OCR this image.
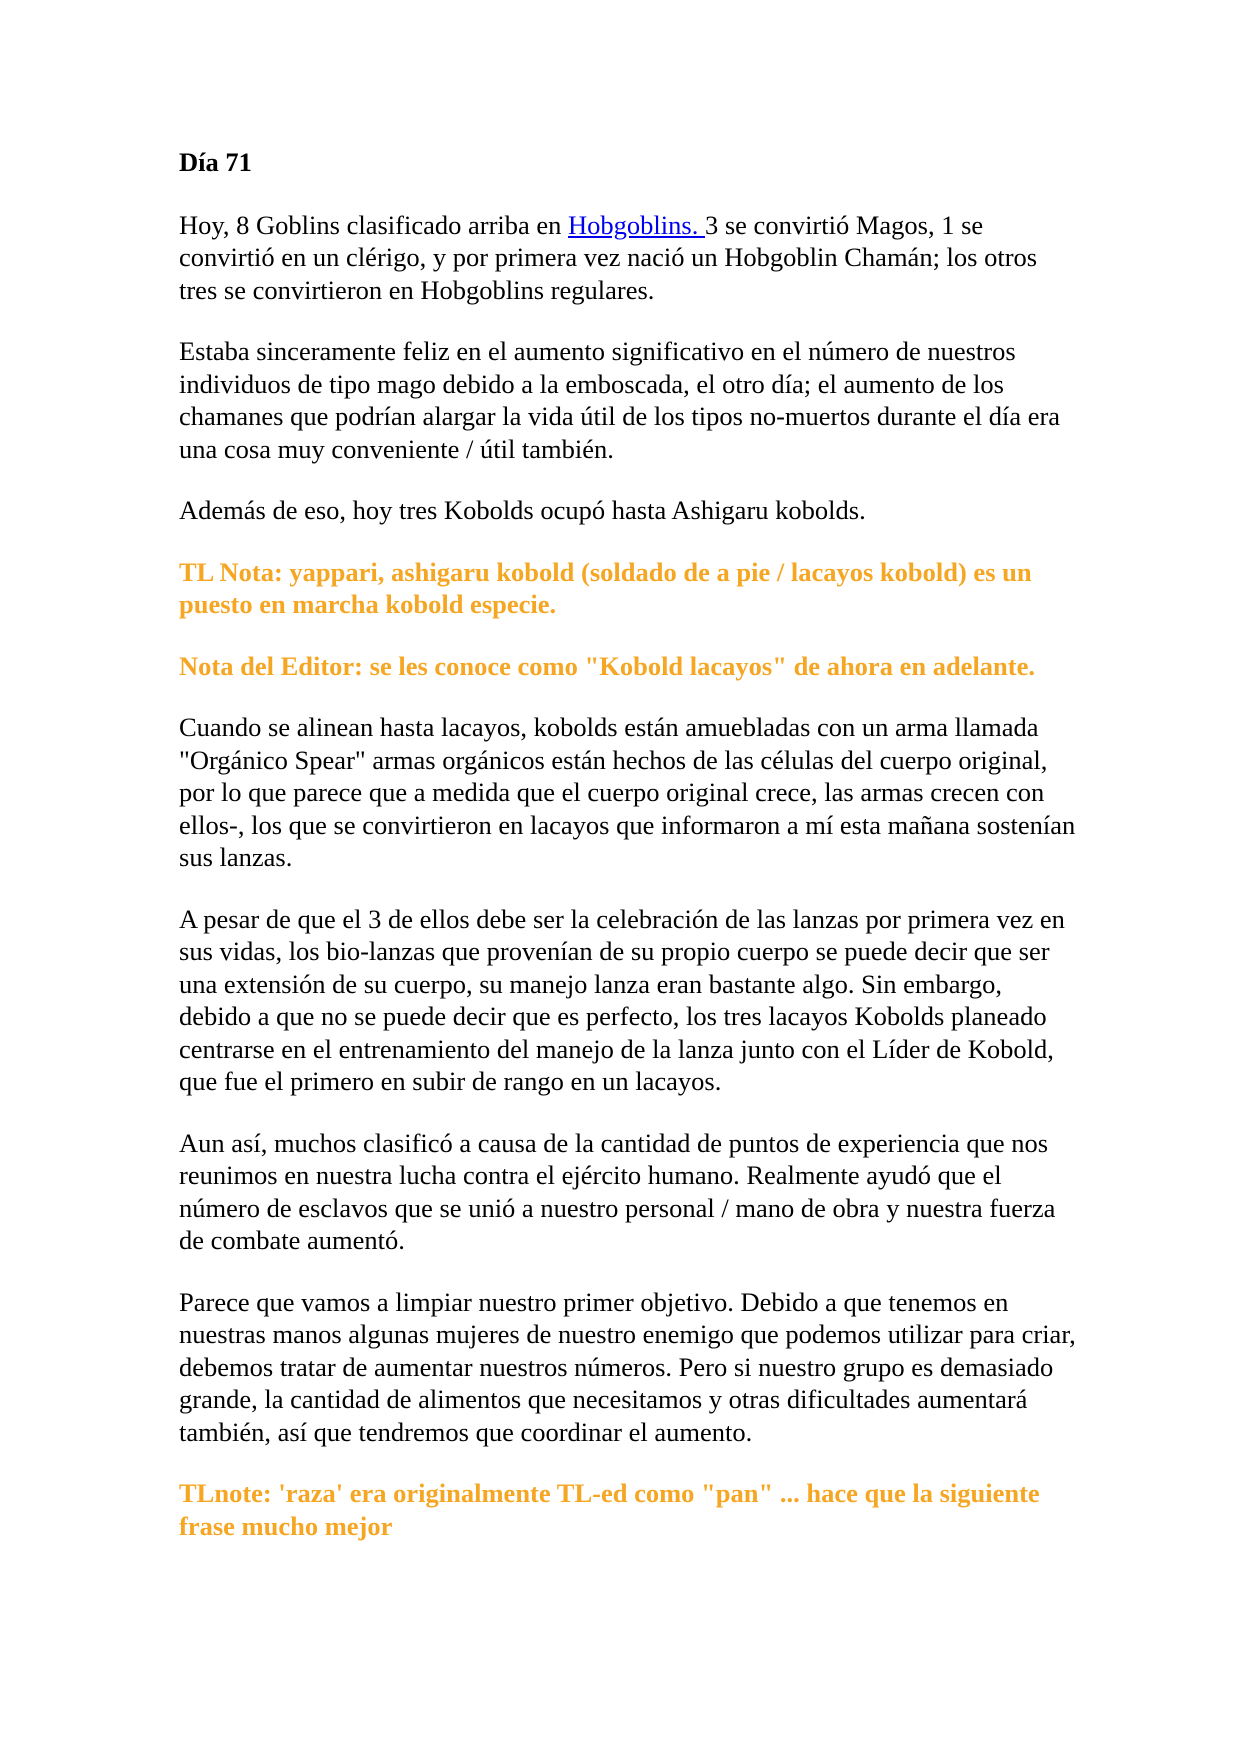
Día 71

Hoy, 8 Goblins clasificado arriba en Hobgoblins. 3 se convirtió Magos, 1 se convirtió en un clérigo, y por primera vez nació un Hobgoblin Chamán; los otros tres se convirtieron en Hobgoblins regulares.

Estaba sinceramente feliz en el aumento significativo en el número de nuestros individuos de tipo mago debido a la emboscada, el otro día; el aumento de los chamanes que podrían alargar la vida útil de los tipos no-muertos durante el día era una cosa muy conveniente / útil también.

Además de eso, hoy tres Kobolds ocupó hasta Ashigaru kobolds.

TL Nota: yappari, ashigaru kobold (soldado de a pie / lacayos kobold) es un puesto en marcha kobold especie.

Nota del Editor: se les conoce como "Kobold lacayos" de ahora en adelante.

Cuando se alinean hasta lacayos, kobolds están amuebladas con un arma llamada "Orgánico Spear" armas orgánicos están hechos de las células del cuerpo original, por lo que parece que a medida que el cuerpo original crece, las armas crecen con ellos-, los que se convirtieron en lacayos que informaron a mí esta mañana sostenían sus lanzas.

A pesar de que el 3 de ellos debe ser la celebración de las lanzas por primera vez en sus vidas, los bio-lanzas que provenían de su propio cuerpo se puede decir que ser una extensión de su cuerpo, su manejo lanza eran bastante algo. Sin embargo, debido a que no se puede decir que es perfecto, los tres lacayos Kobolds planeado centrarse en el entrenamiento del manejo de la lanza junto con el Líder de Kobold, que fue el primero en subir de rango en un lacayos.

Aun así, muchos clasificó a causa de la cantidad de puntos de experiencia que nos reunimos en nuestra lucha contra el ejército humano. Realmente ayudó que el número de esclavos que se unió a nuestro personal / mano de obra y nuestra fuerza de combate aumentó.

Parece que vamos a limpiar nuestro primer objetivo. Debido a que tenemos en nuestras manos algunas mujeres de nuestro enemigo que podemos utilizar para criar, debemos tratar de aumentar nuestros números. Pero si nuestro grupo es demasiado grande, la cantidad de alimentos que necesitamos y otras dificultades aumentará también, así que tendremos que coordinar el aumento.

TLnote: 'raza' era originalmente TL-ed como "pan" ... hace que la siguiente frase mucho mejor
